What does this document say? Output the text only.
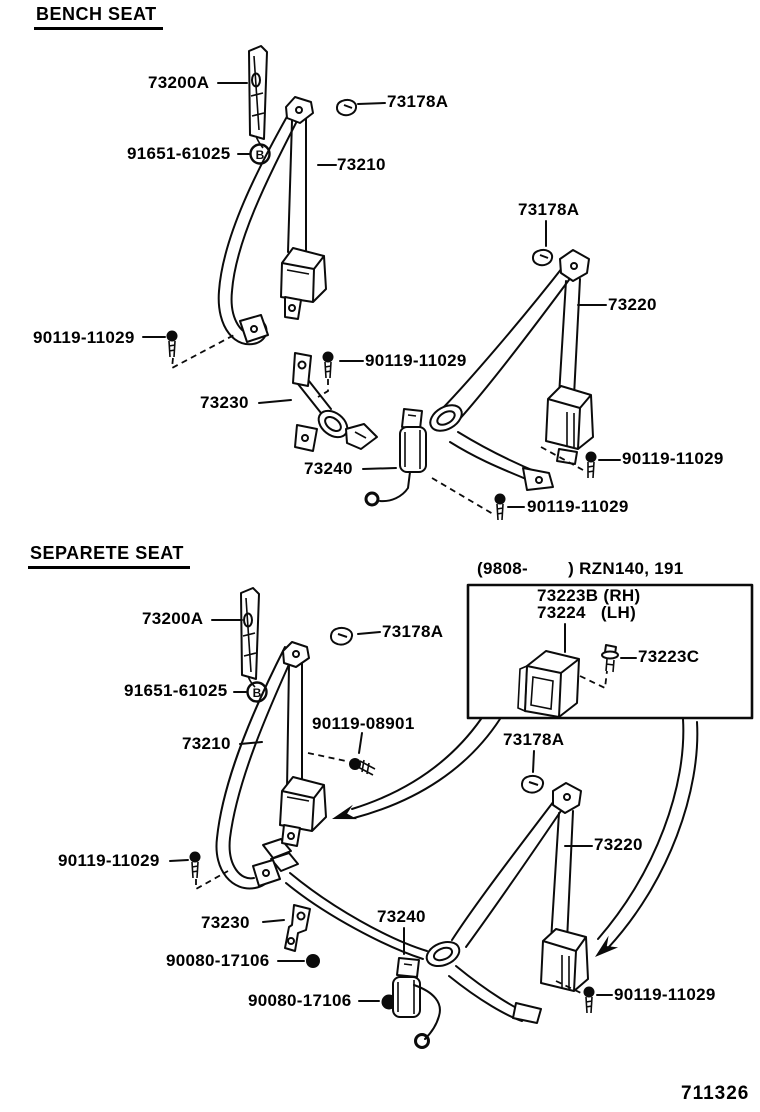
B
B
BENCH SEAT
73200A
91651-61025
73178A
73210
73178A
73220
90119-11029
73230
90119-11029
73240
90119-11029
90119-11029
SEPARETE SEAT
(9808-        ) RZN140, 191
73223B (RH)
73224   (LH)
73223C
73200A
91651-61025
73178A
90119-08901
73210	73178A
73220
90119-11029
73230
90080-17106
90080-17106
73240
90119-11029
711326
